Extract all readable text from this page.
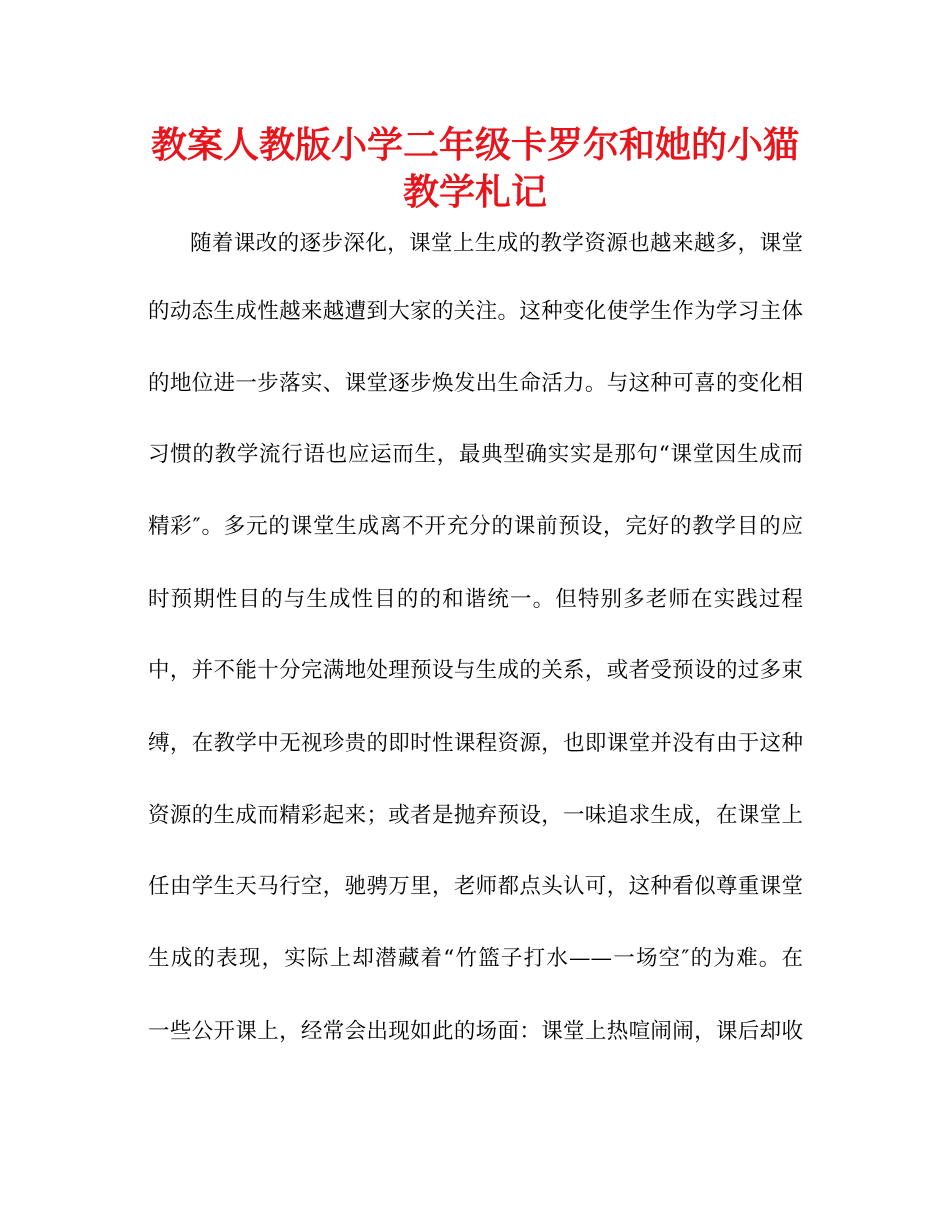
教案人教版小学二年级卡罗尔和她的小猫
教学札记

随着课改的逐步深化，课堂上生成的教学资源也越来越多，课堂

的动态生成性越来越遭到大家的关注。这种变化使学生作为学习主体

的地位进一步落实、课堂逐步焕发出生命活力。与这种可喜的变化相

习惯的教学流行语也应运而生，最典型确实实是那句“课堂因生成而

精彩″。多元的课堂生成离不开充分的课前预设，完好的教学目的应

时预期性目的与生成性目的的和谐统一。但特别多老师在实践过程

中，并不能十分完满地处理预设与生成的关系，或者受预设的过多束

缚，在教学中无视珍贵的即时性课程资源，也即课堂并没有由于这种

资源的生成而精彩起来；或者是抛弃预设，一味追求生成，在课堂上

任由学生天马行空，驰骋万里，老师都点头认可，这种看似尊重课堂

生成的表现，实际上却潜藏着“竹篮子打水——一场空″的为难。在

一些公开课上，经常会出现如此的场面：课堂上热喧闹闹，课后却收
